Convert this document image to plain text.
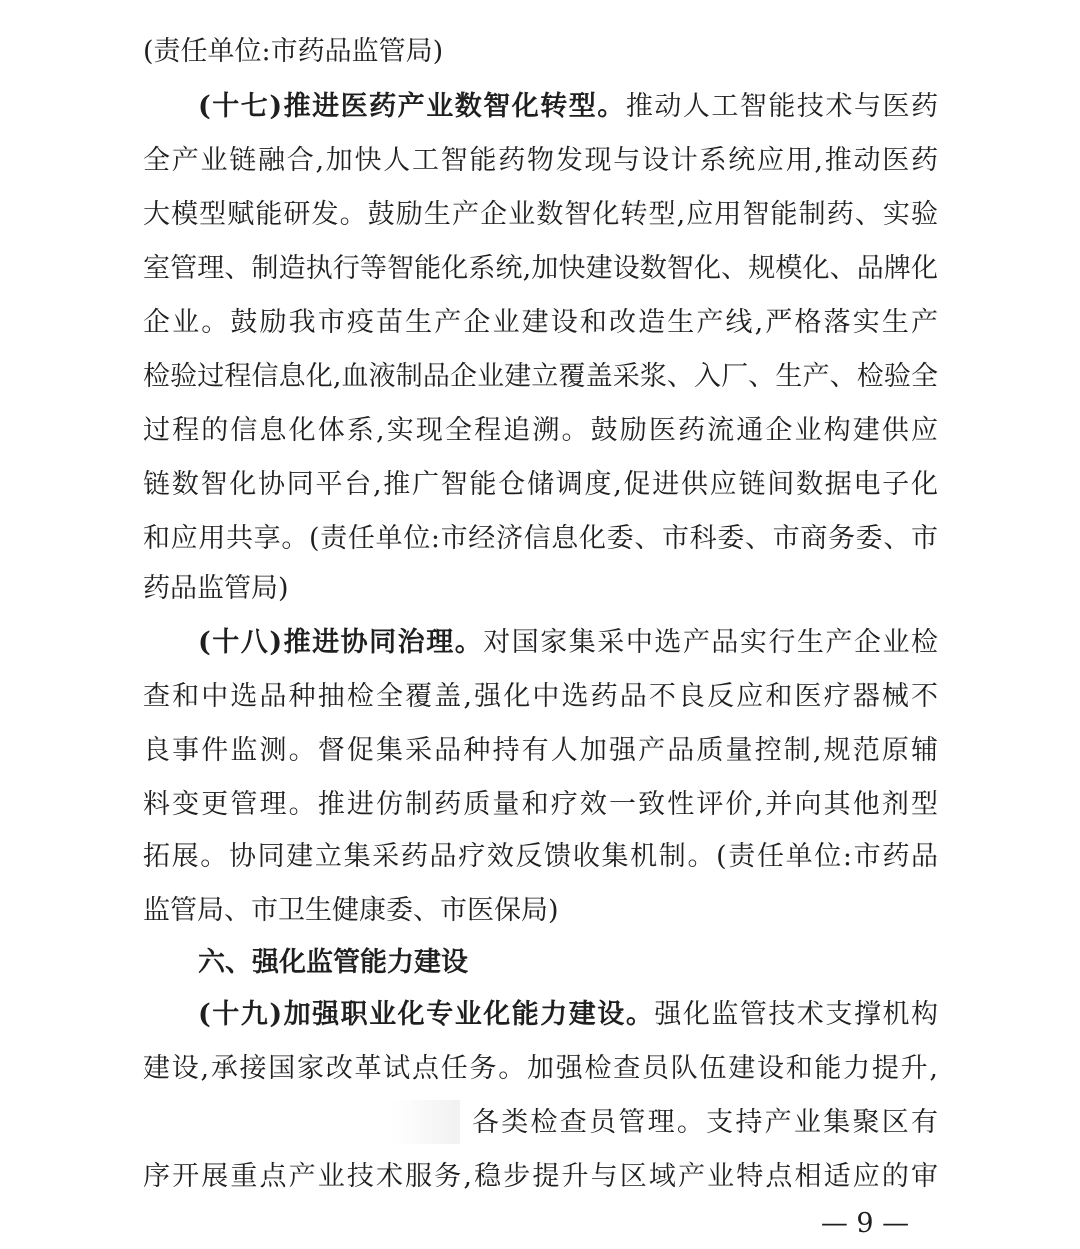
(责任单位:市药品监管局)
(十七)推进医药产业数智化转型。推动人工智能技术与医药
全产业链融合,加快人工智能药物发现与设计系统应用,推动医药
大模型赋能研发。鼓励生产企业数智化转型,应用智能制药、实验
室管理、制造执行等智能化系统,加快建设数智化、规模化、品牌化
企业。鼓励我市疫苗生产企业建设和改造生产线,严格落实生产
检验过程信息化,血液制品企业建立覆盖采浆、入厂、生产、检验全
过程的信息化体系,实现全程追溯。鼓励医药流通企业构建供应
链数智化协同平台,推广智能仓储调度,促进供应链间数据电子化
和应用共享。(责任单位:市经济信息化委、市科委、市商务委、市
药品监管局)
(十八)推进协同治理。对国家集采中选产品实行生产企业检
查和中选品种抽检全覆盖,强化中选药品不良反应和医疗器械不
良事件监测。督促集采品种持有人加强产品质量控制,规范原辅
料变更管理。推进仿制药质量和疗效一致性评价,并向其他剂型
拓展。协同建立集采药品疗效反馈收集机制。(责任单位:市药品
监管局、市卫生健康委、市医保局)
六、强化监管能力建设
(十九)加强职业化专业化能力建设。强化监管技术支撑机构
建设,承接国家改革试点任务。加强检查员队伍建设和能力提升,
各类检查员管理。支持产业集聚区有
序开展重点产业技术服务,稳步提升与区域产业特点相适应的审
— 9 —
